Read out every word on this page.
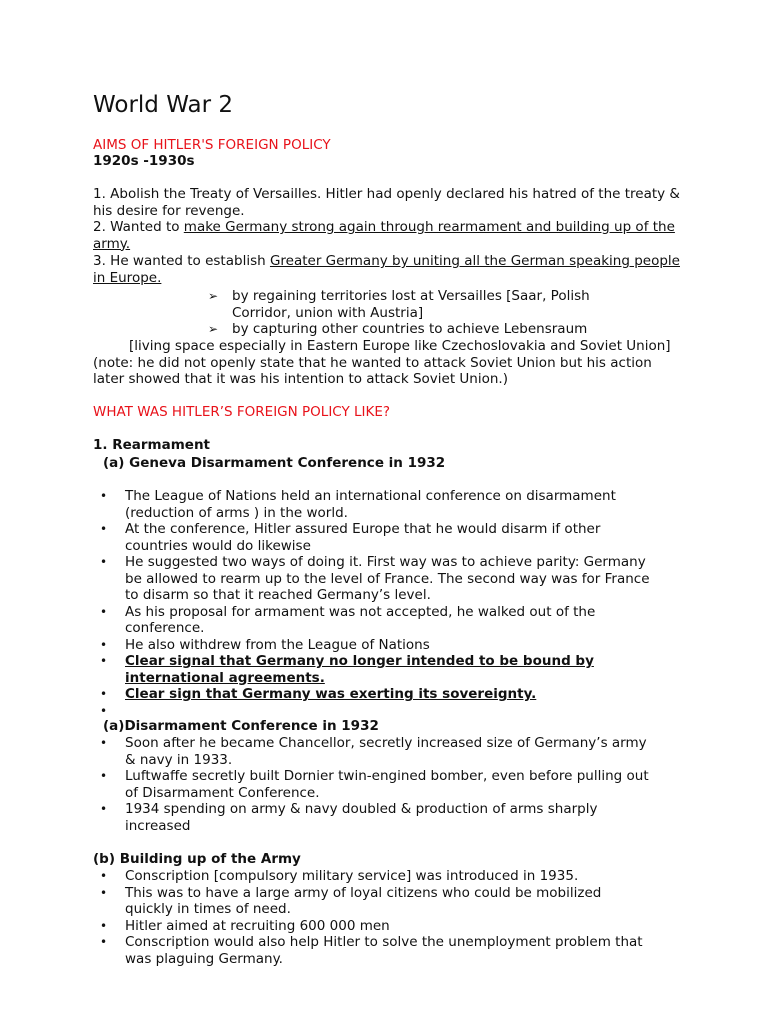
World War 2
AIMS OF HITLER'S FOREIGN POLICY
1920s -1930s
1. Abolish the Treaty of Versailles. Hitler had openly declared his hatred of the treaty & his desire for revenge.
2. Wanted to make Germany strong again through rearmament and building up of the army.
3. He wanted to establish Greater Germany by uniting all the German speaking people in Europe.
➢ by regaining territories lost at Versailles [Saar, Polish Corridor, union with Austria]
➢ by capturing other countries to achieve Lebensraum
[living space especially in Eastern Europe like Czechoslovakia and Soviet Union] (note: he did not openly state that he wanted to attack Soviet Union but his action later showed that it was his intention to attack Soviet Union.)
WHAT WAS HITLER’S FOREIGN POLICY LIKE?
1. Rearmament
(a) Geneva Disarmament Conference in 1932
• The League of Nations held an international conference on disarmament (reduction of arms ) in the world.
• At the conference, Hitler assured Europe that he would disarm if other countries would do likewise
• He suggested two ways of doing it. First way was to achieve parity: Germany be allowed to rearm up to the level of France. The second way was for France to disarm so that it reached Germany’s level.
• As his proposal for armament was not accepted, he walked out of the conference.
• He also withdrew from the League of Nations
• Clear signal that Germany no longer intended to be bound by international agreements.
• Clear sign that Germany was exerting its sovereignty.
•

(a)Disarmament Conference in 1932
• Soon after he became Chancellor, secretly increased size of Germany’s army & navy in 1933.
• Luftwaffe secretly built Dornier twin-engined bomber, even before pulling out of Disarmament Conference.
• 1934 spending on army & navy doubled & production of arms sharply increased
(b) Building up of the Army
• Conscription [compulsory military service] was introduced in 1935.
• This was to have a large army of loyal citizens who could be mobilized quickly in times of need.
• Hitler aimed at recruiting 600 000 men
• Conscription would also help Hitler to solve the unemployment problem that was plaguing Germany.
